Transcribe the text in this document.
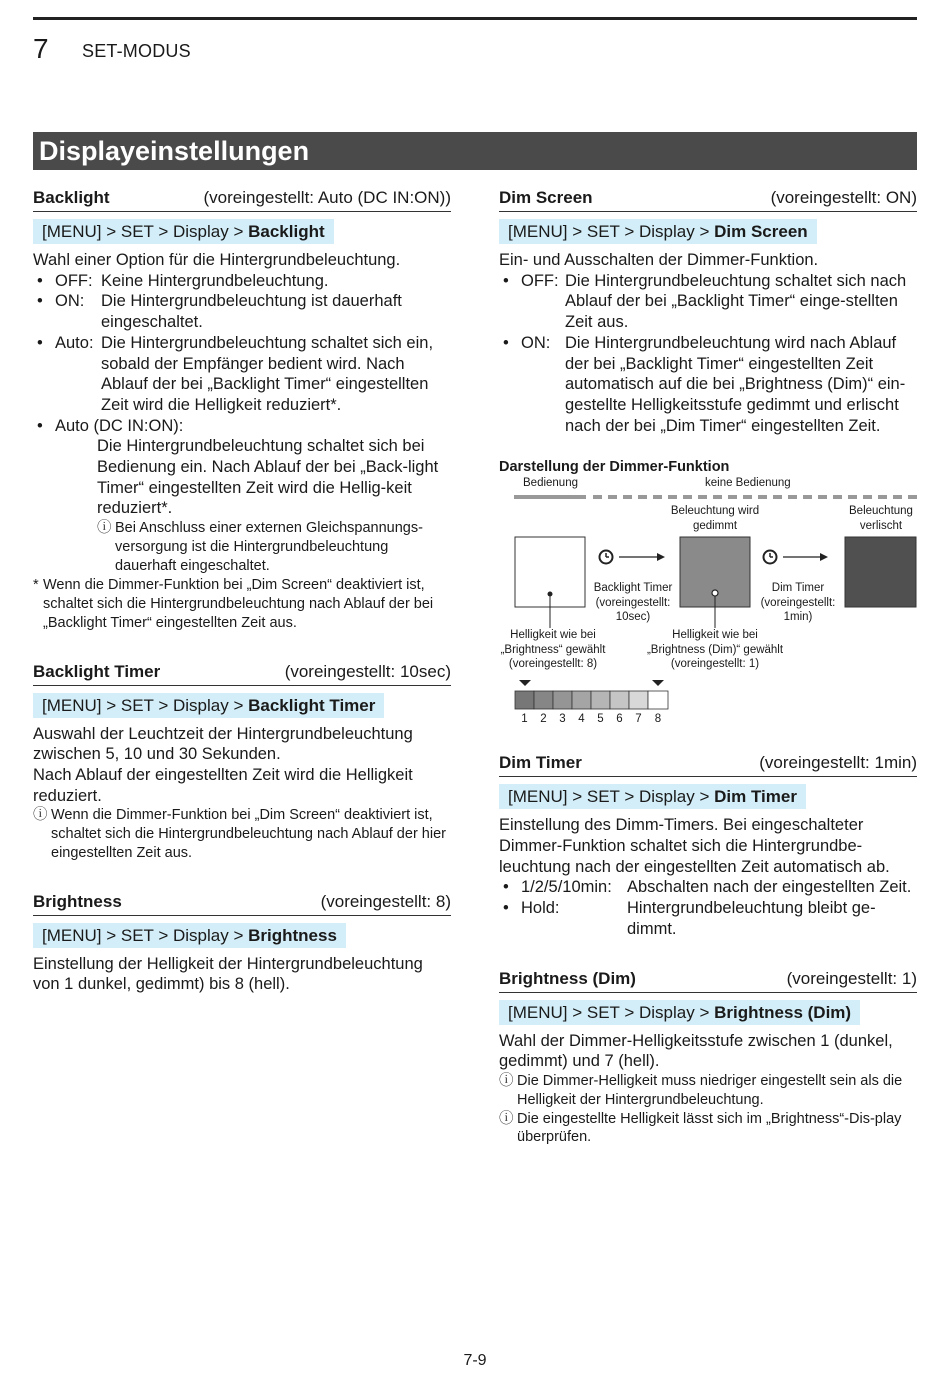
7 SET-MODUS
Displayeinstellungen
Backlight	(voreingestellt: Auto (DC IN:ON))
[MENU] > SET > Display > Backlight

Wahl einer Option für die Hintergrundbeleuchtung.

• OFF: Keine Hintergrundbeleuchtung.
• ON:	Die Hintergrundbeleuchtung ist dauerhaft eingeschaltet.
• Auto: Die Hintergrundbeleuchtung schaltet sich ein, sobald der Empfänger bedient wird. Nach Ablauf der bei „Backlight Timer“ eingestellten Zeit wird die Helligkeit reduziert*.
• Auto (DC IN:ON):
Die Hintergrundbeleuchtung schaltet sich bei Bedienung ein. Nach Ablauf der bei „Back-light Timer“ eingestellten Zeit wird die Hellig-keit reduziert*.
ⓘ Bei Anschluss einer externen Gleichspannungs-versorgung ist die Hintergrundbeleuchtung dauerhaft eingeschaltet.
* Wenn die Dimmer-Funktion bei „Dim Screen“ deaktiviert ist, schaltet sich die Hintergrundbeleuchtung nach Ablauf der bei „Backlight Timer“ eingestellten Zeit aus.
Backlight Timer	(voreingestellt: 10sec)
[MENU] > SET > Display > Backlight Timer

Auswahl der Leuchtzeit der Hintergrundbeleuchtung zwischen 5, 10 und 30 Sekunden.

Nach Ablauf der eingestellten Zeit wird die Helligkeit reduziert.

ⓘ Wenn die Dimmer-Funktion bei „Dim Screen“ deaktiviert ist, schaltet sich die Hintergrundbeleuchtung nach Ablauf der hier eingestellten Zeit aus.
Brightness	(voreingestellt: 8)
[MENU] > SET > Display > Brightness

Einstellung der Helligkeit der Hintergrundbeleuchtung von 1 dunkel, gedimmt) bis 8 (hell).

Dim Screen	(voreingestellt: ON)
[MENU] > SET > Display > Dim Screen

Ein- und Ausschalten der Dimmer-Funktion.

• OFF: Die Hintergrundbeleuchtung schaltet sich nach Ablauf der bei „Backlight Timer“ einge-stellten Zeit aus.
• ON: Die Hintergrundbeleuchtung wird nach Ablauf der bei „Backlight Timer“ eingestellten Zeit automatisch auf die bei „Brightness (Dim)“ ein-gestellte Helligkeitsstufe gedimmt und erlischt nach der bei „Dim Timer“ eingestellten Zeit.
Darstellung der Dimmer-Funktion
Bedienung	keine Bedienung
Beleuchtung wird gedimmt
Beleuchtung verlischt
Backlight Timer (voreingestellt: 10sec)
Dim Timer (voreingestellt: 1min)
Helligkeit wie bei „Brightness“ gewählt (voreingestellt: 8)
Helligkeit wie bei „Brightness (Dim)“ gewählt (voreingestellt: 1)
1	2	3	4	5	6	7	8
Dim Timer	(voreingestellt: 1min)
[MENU] > SET > Display > Dim Timer

Einstellung des Dimm-Timers. Bei eingeschalteter Dimmer-Funktion schaltet sich die Hintergrundbe-leuchtung nach der eingestellten Zeit automatisch ab.

• 1/2/5/10min: Abschalten nach der eingestellten Zeit.
• Hold:	Hintergrundbeleuchtung bleibt ge-dimmt.
Brightness (Dim)	(voreingestellt: 1)
[MENU] > SET > Display > Brightness (Dim)

Wahl der Dimmer-Helligkeitsstufe zwischen 1 (dunkel, gedimmt) und 7 (hell).

ⓘ Die Dimmer-Helligkeit muss niedriger eingestellt sein als die Helligkeit der Hintergrundbeleuchtung.
ⓘ Die eingestellte Helligkeit lässt sich im „Brightness“-Dis-play überprüfen.
7-9
